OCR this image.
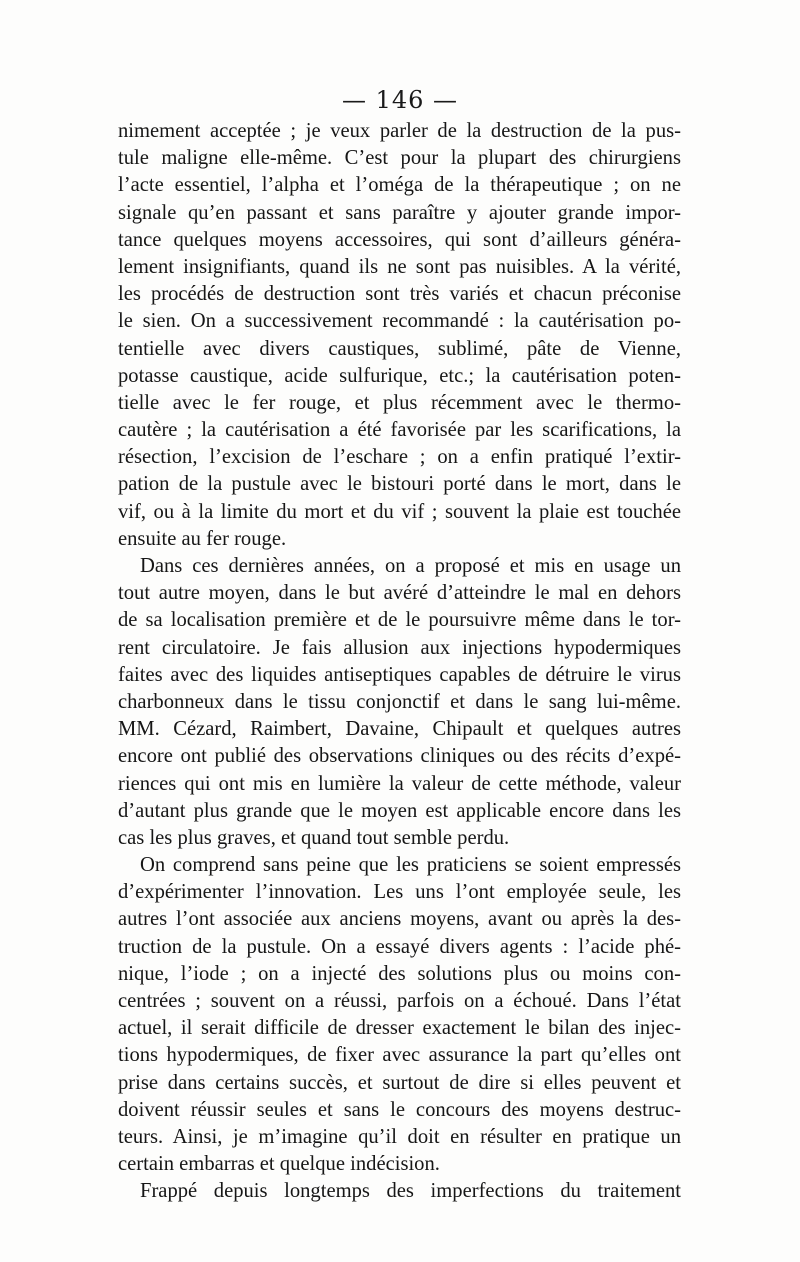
— 146 —
nimement acceptée ; je veux parler de la destruction de la pus-
tule maligne elle-même. C’est pour la plupart des chirurgiens
l’acte essentiel, l’alpha et l’oméga de la thérapeutique ; on ne
signale qu’en passant et sans paraître y ajouter grande impor-
tance quelques moyens accessoires, qui sont d’ailleurs généra-
lement insignifiants, quand ils ne sont pas nuisibles. A la vérité,
les procédés de destruction sont très variés et chacun préconise
le sien. On a successivement recommandé : la cautérisation po-
tentielle avec divers caustiques, sublimé, pâte de Vienne,
potasse caustique, acide sulfurique, etc.; la cautérisation poten-
tielle avec le fer rouge, et plus récemment avec le thermo-
cautère ; la cautérisation a été favorisée par les scarifications, la
résection, l’excision de l’eschare ; on a enfin pratiqué l’extir-
pation de la pustule avec le bistouri porté dans le mort, dans le
vif, ou à la limite du mort et du vif ; souvent la plaie est touchée
ensuite au fer rouge.
Dans ces dernières années, on a proposé et mis en usage un
tout autre moyen, dans le but avéré d’atteindre le mal en dehors
de sa localisation première et de le poursuivre même dans le tor-
rent circulatoire. Je fais allusion aux injections hypodermiques
faites avec des liquides antiseptiques capables de détruire le virus
charbonneux dans le tissu conjonctif et dans le sang lui-même.
MM. Cézard, Raimbert, Davaine, Chipault et quelques autres
encore ont publié des observations cliniques ou des récits d’expé-
riences qui ont mis en lumière la valeur de cette méthode, valeur
d’autant plus grande que le moyen est applicable encore dans les
cas les plus graves, et quand tout semble perdu.
On comprend sans peine que les praticiens se soient empressés
d’expérimenter l’innovation. Les uns l’ont employée seule, les
autres l’ont associée aux anciens moyens, avant ou après la des-
truction de la pustule. On a essayé divers agents : l’acide phé-
nique, l’iode ; on a injecté des solutions plus ou moins con-
centrées ; souvent on a réussi, parfois on a échoué. Dans l’état
actuel, il serait difficile de dresser exactement le bilan des injec-
tions hypodermiques, de fixer avec assurance la part qu’elles ont
prise dans certains succès, et surtout de dire si elles peuvent et
doivent réussir seules et sans le concours des moyens destruc-
teurs. Ainsi, je m’imagine qu’il doit en résulter en pratique un
certain embarras et quelque indécision.
Frappé depuis longtemps des imperfections du traitement
